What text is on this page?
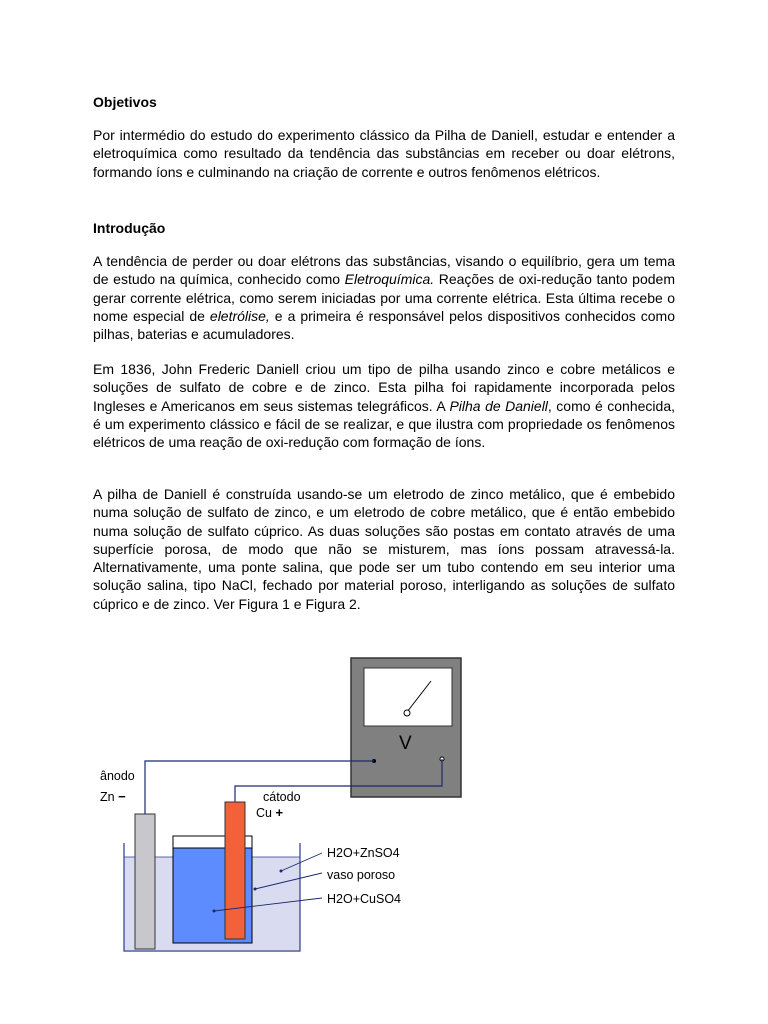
Objetivos

Por intermédio do estudo do experimento clássico da Pilha de Daniell, estudar e entender a eletroquímica como resultado da tendência das substâncias em receber ou doar elétrons, formando íons e culminando na criação de corrente e outros fenômenos elétricos.

Introdução

A tendência de perder ou doar elétrons das substâncias, visando o equilíbrio, gera um tema de estudo na química, conhecido como Eletroquímica. Reações de oxi-redução tanto podem gerar corrente elétrica, como serem iniciadas por uma corrente elétrica. Esta última recebe o nome especial de eletrólise, e a primeira é responsável pelos dispositivos conhecidos como pilhas, baterias e acumuladores.

Em 1836, John Frederic Daniell criou um tipo de pilha usando zinco e cobre metálicos e soluções de sulfato de cobre e de zinco. Esta pilha foi rapidamente incorporada pelos Ingleses e Americanos em seus sistemas telegráficos. A Pilha de Daniell, como é conhecida, é um experimento clássico e fácil de se realizar, e que ilustra com propriedade os fenômenos elétricos de uma reação de oxi-redução com formação de íons.

A pilha de Daniell é construída usando-se um eletrodo de zinco metálico, que é embebido numa solução de sulfato de zinco, e um eletrodo de cobre metálico, que é então embebido numa solução de sulfato cúprico. As duas soluções são postas em contato através de uma superfície porosa, de modo que não se misturem, mas íons possam atravessá-la. Alternativamente, uma ponte salina, que pode ser um tubo contendo em seu interior uma solução salina, tipo NaCl, fechado por material poroso, interligando as soluções de sulfato cúprico e de zinco. Ver Figura 1 e Figura 2.

V
ânodo
Zn −	cátodo
Cu +
H2O+ZnSO4
vaso poroso
H2O+CuSO4
